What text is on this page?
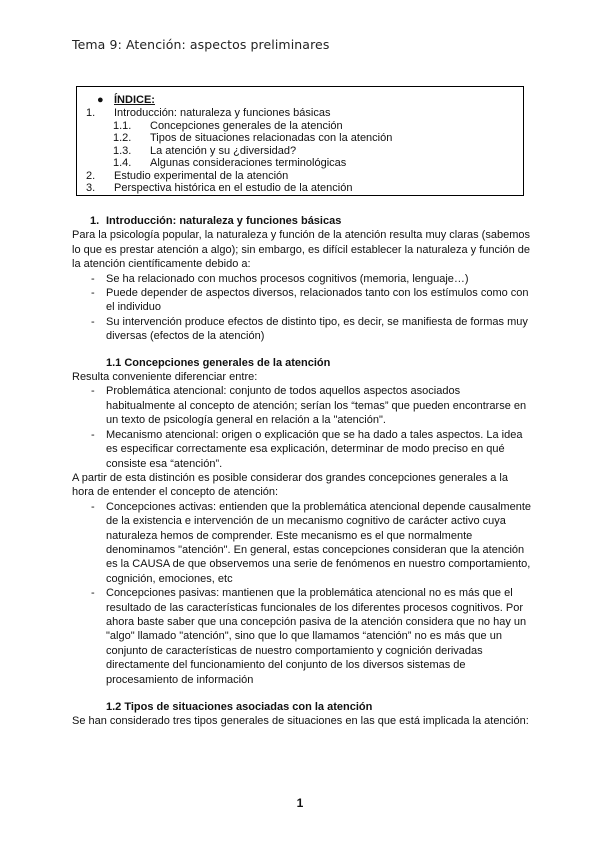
Tema 9: Atención: aspectos preliminares
● ÍNDICE:
1. Introducción: naturaleza y funciones básicas
1.1. Concepciones generales de la atención
1.2. Tipos de situaciones relacionadas con la atención
1.3. La atención y su ¿diversidad?
1.4. Algunas consideraciones terminológicas
2. Estudio experimental de la atención
3. Perspectiva histórica en el estudio de la atención

1. Introducción: naturaleza y funciones básicas

Para la psicología popular, la naturaleza y función de la atención resulta muy claras (sabemos lo que es prestar atención a algo); sin embargo, es difícil establecer la naturaleza y función de la atención científicamente debido a:

- Se ha relacionado con muchos procesos cognitivos (memoria, lenguaje…)
- Puede depender de aspectos diversos, relacionados tanto con los estímulos como con el individuo
- Su intervención produce efectos de distinto tipo, es decir, se manifiesta de formas muy diversas (efectos de la atención)

1.1 Concepciones generales de la atención

Resulta conveniente diferenciar entre:

- Problemática atencional: conjunto de todos aquellos aspectos asociados habitualmente al concepto de atención; serían los “temas” que pueden encontrarse en un texto de psicología general en relación a la "atención".
- Mecanismo atencional: origen o explicación que se ha dado a tales aspectos. La idea es especificar correctamente esa explicación, determinar de modo preciso en qué consiste esa “atención”.

A partir de esta distinción es posible considerar dos grandes concepciones generales a la hora de entender el concepto de atención:

- Concepciones activas: entienden que la problemática atencional depende causalmente de la existencia e intervención de un mecanismo cognitivo de carácter activo cuya naturaleza hemos de comprender. Este mecanismo es el que normalmente denominamos "atención". En general, estas concepciones consideran que la atención es la CAUSA de que observemos una serie de fenómenos en nuestro comportamiento, cognición, emociones, etc
- Concepciones pasivas: mantienen que la problemática atencional no es más que el resultado de las características funcionales de los diferentes procesos cognitivos. Por ahora baste saber que una concepción pasiva de la atención considera que no hay un "algo" llamado "atención", sino que lo que llamamos “atención” no es más que un conjunto de características de nuestro comportamiento y cognición derivadas directamente del funcionamiento del conjunto de los diversos sistemas de procesamiento de información

1.2 Tipos de situaciones asociadas con la atención

Se han considerado tres tipos generales de situaciones en las que está implicada la atención:

1
